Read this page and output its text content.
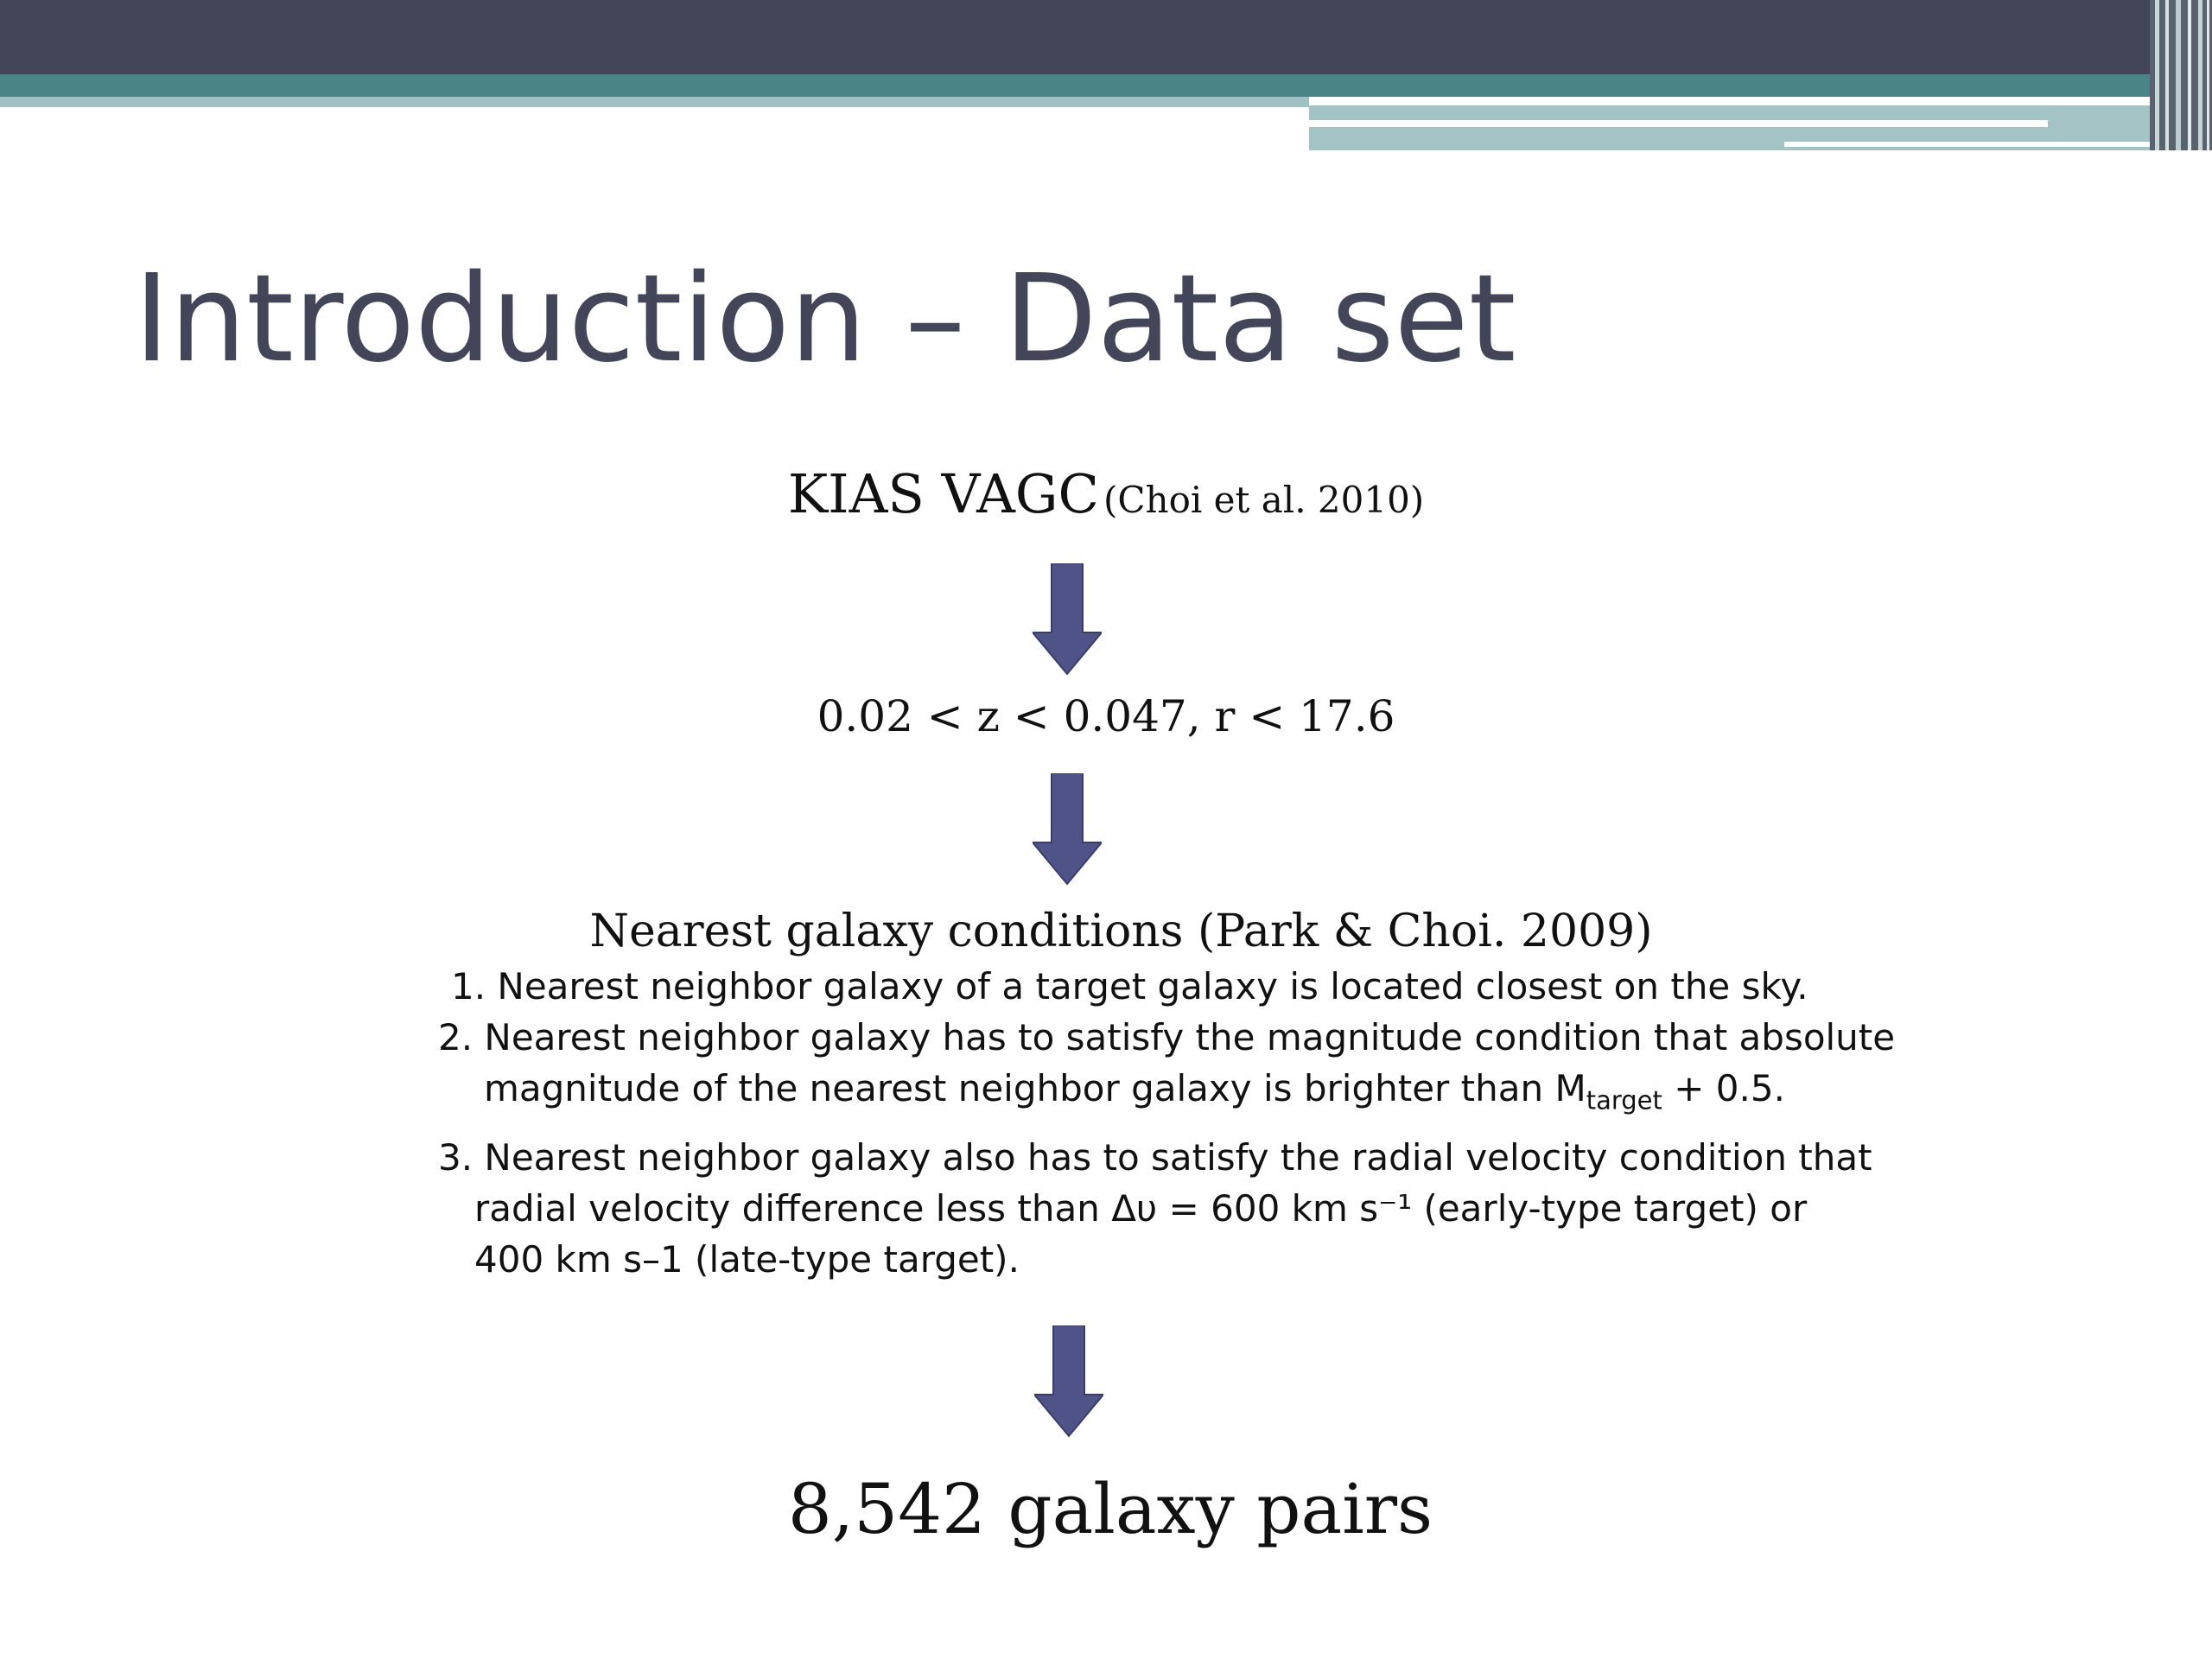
Introduction – Data set
KIAS VAGC (Choi et al. 2010)
0.02 < z < 0.047, r < 17.6
Nearest galaxy conditions (Park & Choi. 2009)
1. Nearest neighbor galaxy of a target galaxy is located closest on the sky.
2. Nearest neighbor galaxy has to satisfy the magnitude condition that absolute
magnitude of the nearest neighbor galaxy is brighter than $M_{target} + 0.5$.
3. Nearest neighbor galaxy also has to satisfy the radial velocity condition that
radial velocity difference less than Δυ = 600 km s⁻¹ (early-type target) or
400 km s–1 (late-type target).
8,542 galaxy pairs
